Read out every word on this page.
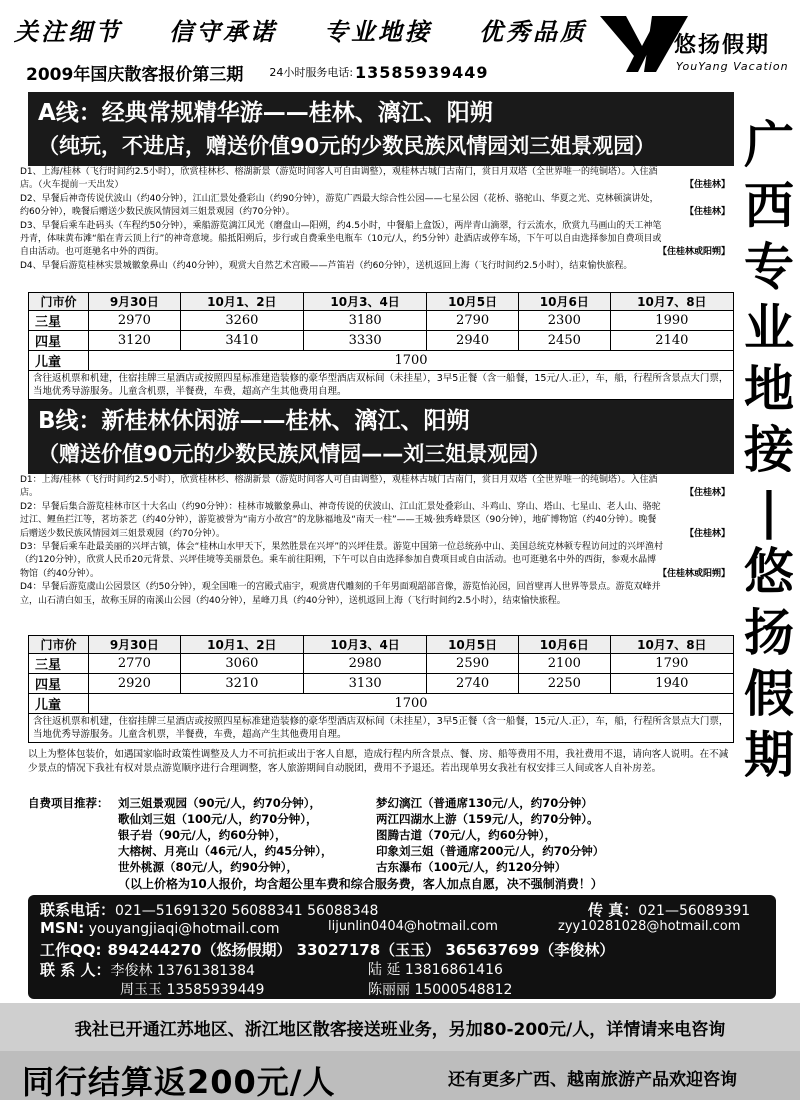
关注细节 信守承诺 专业地接 优秀品质	悠扬假期
YouYang Vacation
2009年国庆散客报价第三期 24小时服务电话: 13585939449
广
西
专
业
地
接
|
悠
扬
假
期
A线：经典常规精华游——桂林、漓江、阳朔
（纯玩，不进店，赠送价值90元的少数民族风情园刘三姐景观园）
D1、上海/桂林（飞行时间约2.5小时），欣赏桂林杉、榕湖新景（游览时间客人可自由调整），观桂林古城门古南门，赏日月双塔（全世界唯一的纯铜塔）。入住酒店。（火车提前一天出发）	【住桂林】
D2、早餐后神奇传说伏波山（约40分钟），江山汇景处叠彩山（约90分钟），游览广西最大综合性公园——七星公园（花桥、骆驼山、华夏之光、克林顿演讲处，约60分钟），晚餐后赠送少数民族风情园刘三姐景观园（约70分钟）。	【住桂林】
D3、早餐后乘车赴码头（车程约50分钟），乘船游览漓江风光（磨盘山—阳朔，约4.5小时，中餐船上盒饭），两岸青山滴翠，行云流水，欣赏九马画山的天工神笔丹青，体味黄布滩“船在青云顶上行”的神奇意境。船抵阳朔后，步行或自费乘坐电瓶车（10元/人，约5分钟）赴酒店或停车场，下午可以自由选择参加自费项目或自由活动。也可逛驰名中外的西街。	【住桂林或阳朔】
D4、早餐后游览桂林实景城徽象鼻山（约40分钟），观赏大自然艺术宫殿——芦笛岩（约60分钟），送机返回上海（飞行时间约2.5小时），结束愉快旅程。
门市价	9月30日	10月1、2日	10月3、4日	10月5日	10月6日	10月7、8日
三星	2970	3260	3180	2790	2300	1990
四星	3120	3410	3330	2940	2450	2140
儿童	1700					
含往返机票和机建，住宿挂牌三星酒店或按照四星标准建造装修的豪华型酒店双标间（未挂星），3早5正餐（含一船餐，15元/人.正），车，船，行程所含景点大门票，当地优秀导游服务。儿童含机票，半餐费，车费，超高产生其他费用自理。						
B线：新桂林休闲游——桂林、漓江、阳朔
（赠送价值90元的少数民族风情园——刘三姐景观园）
D1：上海/桂林（飞行时间约2.5小时），欣赏桂林杉、榕湖新景（游览时间客人可自由调整），观桂林古城门古南门，赏日月双塔（全世界唯一的纯铜塔）。入住酒店。	【住桂林】
D2：早餐后集合游览桂林市区十大名山（约90分钟）：桂林市城徽象鼻山、神奇传说的伏波山、江山汇景处叠彩山、斗鸡山、穿山、塔山、七星山、老人山、骆驼过江、鲤鱼拦江等，茗坊茶艺（约40分钟），游览被誉为“南方小故宫”的龙脉福地及“南天一柱”——王城·独秀峰景区（90分钟），地矿博物馆（约40分钟）。晚餐后赠送少数民族风情园刘三姐景观园（约70分钟）。	【住桂林】
D3：早餐后乘车赴最美丽的兴坪古镇，体会“桂林山水甲天下，果然胜景在兴坪”的兴坪佳景。游览中国第一位总统孙中山、美国总统克林顿专程访问过的兴坪渔村（约120分钟），欣赏人民币20元背景、兴坪佳境等美丽景色。乘车前往阳朔，下午可以自由选择参加自费项目或自由活动。也可逛驰名中外的西街，参观水晶博物馆（约40分钟）。	【住桂林或阳朔】
D4：早餐后游览虞山公园景区（约50分钟），观全国唯一的宫殿式庙宇，观赏唐代雕刻的千年男面观韶部音像，游览怡沁园，回首壁再人世界等景点。游览双峰并立，山石清白如玉，故称玉屏的南溪山公园（约40分钟），星峰刀具（约40分钟），送机返回上海（飞行时间约2.5小时），结束愉快旅程。
门市价	9月30日	10月1、2日	10月3、4日	10月5日	10月6日	10月7、8日
三星	2770	3060	2980	2590	2100	1790
四星	2920	3210	3130	2740	2250	1940
儿童	1700					
含往返机票和机建，住宿挂牌三星酒店或按照四星标准建造装修的豪华型酒店双标间（未挂星），3早5正餐（含一船餐，15元/人.正），车，船，行程所含景点大门票，当地优秀导游服务。儿童含机票，半餐费，车费，超高产生其他费用自理。						
以上为整体包装价，如遇国家临时政策性调整及人力不可抗拒或出于客人自愿，造成行程内所含景点、餐、房、船等费用不用，我社费用不退，请向客人说明。在不减少景点的情况下我社有权对景点游览顺序进行合理调整，客人旅游期间自动脱团，费用不予退还。若出现单男女我社有权安排三人间或客人自补房差。
自费项目推荐： 刘三姐景观园（90元/人，约70分钟），	梦幻漓江（普通席130元/人，约70分钟）
歌仙刘三姐（100元/人，约70分钟），	两江四湖水上游（159元/人，约70分钟）。
银子岩（90元/人，约60分钟），	图腾古道（70元/人，约60分钟），
大榕树、月亮山（46元/人，约45分钟），	印象刘三姐（普通席200元/人，约70分钟）
世外桃源（80元/人，约90分钟），	古东瀑布（100元/人，约120分钟）
（以上价格为10人报价，均含超公里车费和综合服务费，客人加点自愿，决不强制消费！）
联系电话：021—51691320 56088341 56088348	传 真：021—56089391
MSN: youyangjiaqi@hotmail.com	lijunlin0404@hotmail.com	zyy10281028@hotmail.com
工作QQ: 894244270（悠扬假期） 33027178（玉玉） 365637699（李俊林）
联 系 人：李俊林 13761381384	陆 延 13816861416
周玉玉 13585939449	陈丽丽 15000548812
我社已开通江苏地区、浙江地区散客接送班业务，另加80-200元/人，详情请来电咨询
同行结算返200元/人	还有更多广西、越南旅游产品欢迎咨询
